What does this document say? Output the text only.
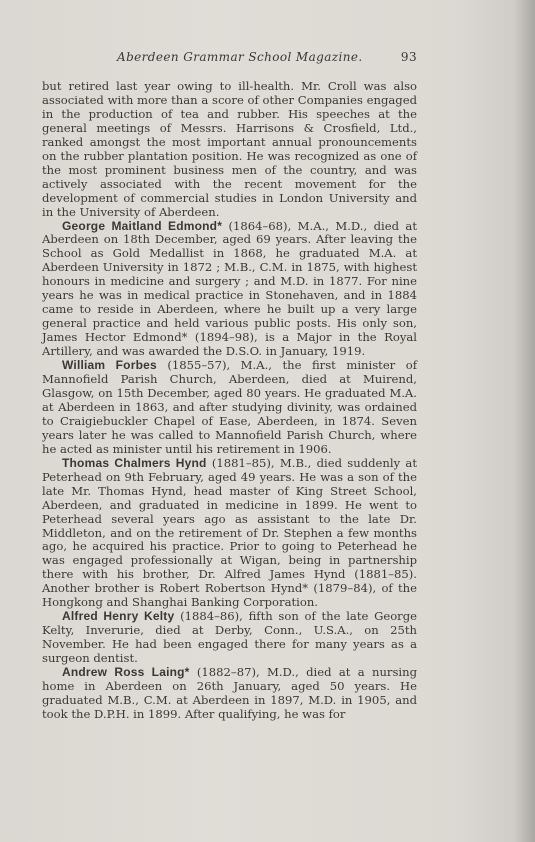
Aberdeen Grammar School Magazine.	93

but retired last year owing to ill-health. Mr. Croll was also associated with more than a score of other Companies engaged in the production of tea and rubber. His speeches at the general meetings of Messrs. Harrisons & Crosfield, Ltd., ranked amongst the most important annual pronouncements on the rubber plantation position. He was recognized as one of the most prominent business men of the country, and was actively associated with the recent movement for the development of commercial studies in London University and in the University of Aberdeen.

George Maitland Edmond* (1864–68), M.A., M.D., died at Aberdeen on 18th December, aged 69 years. After leaving the School as Gold Medallist in 1868, he graduated M.A. at Aberdeen University in 1872 ; M.B., C.M. in 1875, with highest honours in medicine and surgery ; and M.D. in 1877. For nine years he was in medical practice in Stonehaven, and in 1884 came to reside in Aberdeen, where he built up a very large general practice and held various public posts. His only son, James Hector Edmond* (1894–98), is a Major in the Royal Artillery, and was awarded the D.S.O. in January, 1919.

William Forbes (1855–57), M.A., the first minister of Mannofield Parish Church, Aberdeen, died at Muirend, Glasgow, on 15th December, aged 80 years. He graduated M.A. at Aberdeen in 1863, and after studying divinity, was ordained to Craigiebuckler Chapel of Ease, Aberdeen, in 1874. Seven years later he was called to Mannofield Parish Church, where he acted as minister until his retirement in 1906.

Thomas Chalmers Hynd (1881–85), M.B., died suddenly at Peterhead on 9th February, aged 49 years. He was a son of the late Mr. Thomas Hynd, head master of King Street School, Aberdeen, and graduated in medicine in 1899. He went to Peterhead several years ago as assistant to the late Dr. Middleton, and on the retirement of Dr. Stephen a few months ago, he acquired his practice. Prior to going to Peterhead he was engaged professionally at Wigan, being in partnership there with his brother, Dr. Alfred James Hynd (1881–85). Another brother is Robert Robertson Hynd* (1879–84), of the Hongkong and Shanghai Banking Corporation.

Alfred Henry Kelty (1884–86), fifth son of the late George Kelty, Inverurie, died at Derby, Conn., U.S.A., on 25th November. He had been engaged there for many years as a surgeon dentist.

Andrew Ross Laing* (1882–87), M.D., died at a nursing home in Aberdeen on 26th January, aged 50 years. He graduated M.B., C.M. at Aberdeen in 1897, M.D. in 1905, and took the D.P.H. in 1899. After qualifying, he was for
